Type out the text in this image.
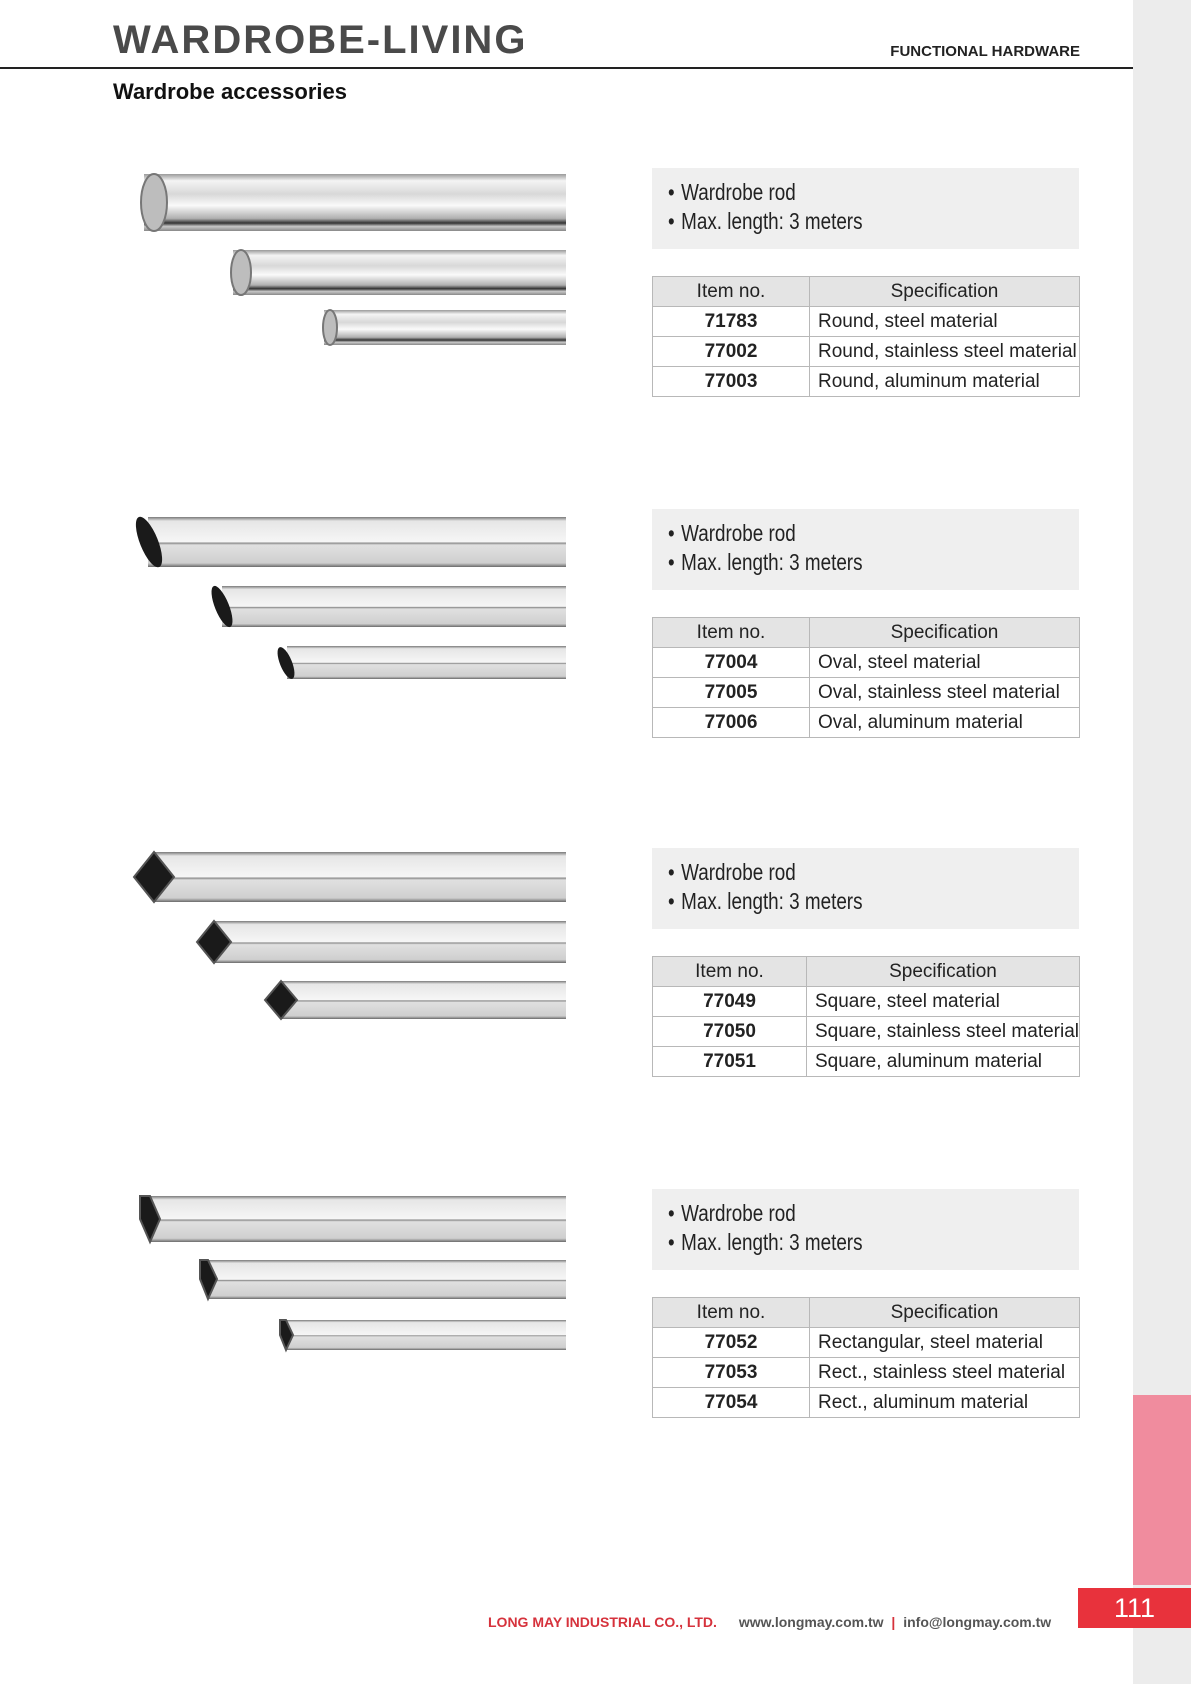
111
WARDROBE-LIVING	FUNCTIONAL HARDWARE
Wardrobe accessories
• Wardrobe rod
• Max. length: 3 meters
Item no.	Specification
71783	Round, steel material
77002	Round, stainless steel material
77003	Round, aluminum material
• Wardrobe rod
• Max. length: 3 meters
Item no.	Specification
77004	Oval, steel material
77005	Oval, stainless steel material
77006	Oval, aluminum material
• Wardrobe rod
• Max. length: 3 meters
Item no.	Specification
77049	Square, steel material
77050	Square, stainless steel material
77051	Square, aluminum material
• Wardrobe rod
• Max. length: 3 meters
Item no.	Specification
77052	Rectangular, steel material
77053	Rect., stainless steel material
77054	Rect., aluminum material
LONG MAY INDUSTRIAL CO., LTD. www.longmay.com.tw | info@longmay.com.tw
